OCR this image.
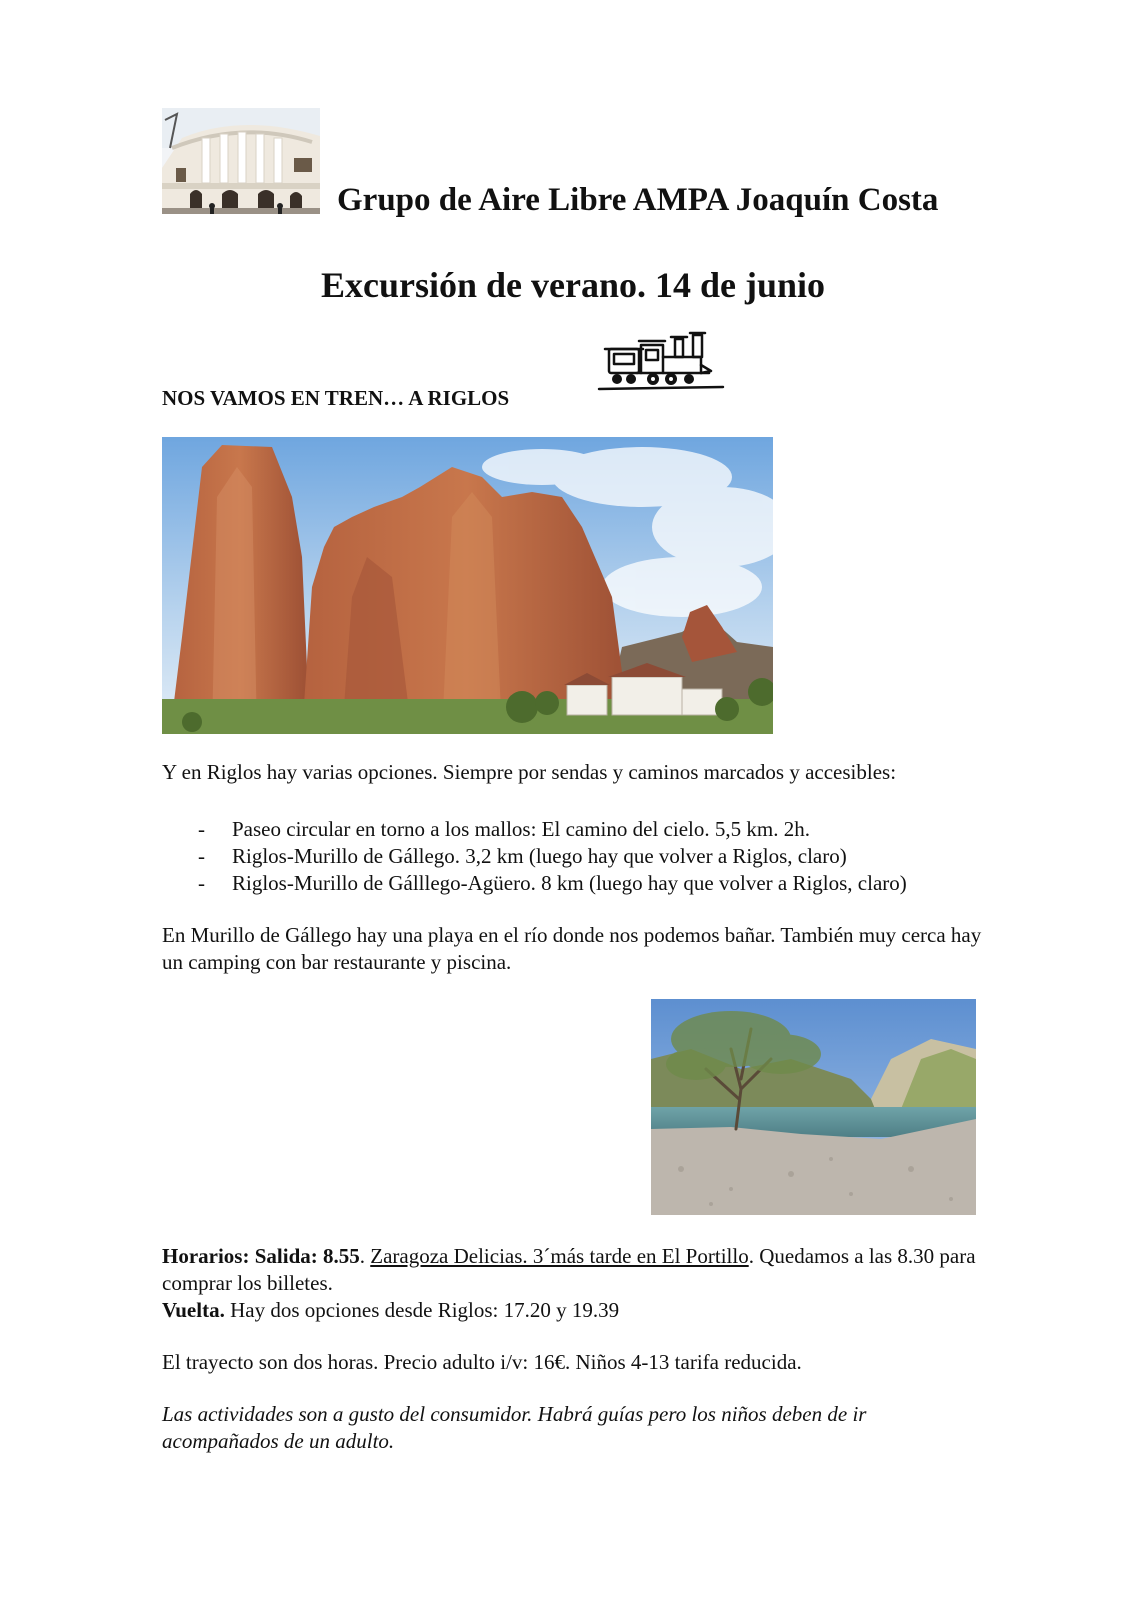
Grupo de Aire Libre AMPA Joaquín Costa
Excursión de verano. 14 de junio
NOS VAMOS EN TREN… A RIGLOS
Y en Riglos hay varias opciones. Siempre por sendas y caminos marcados y accesibles:
- Paseo circular en torno a los mallos: El camino del cielo. 5,5 km. 2h.
- Riglos-Murillo de Gállego. 3,2 km (luego hay que volver a Riglos, claro)
- Riglos-Murillo de Gálllego-Agüero. 8 km (luego hay que volver a Riglos, claro)
En Murillo de Gállego hay una playa en el río donde nos podemos bañar. También muy cerca hay un camping con bar restaurante y piscina.
Horarios: Salida: 8.55. Zaragoza Delicias. 3´más tarde en El Portillo. Quedamos a las 8.30 para comprar los billetes.
Vuelta. Hay dos opciones desde Riglos: 17.20 y 19.39
El trayecto son dos horas. Precio adulto i/v: 16€. Niños 4-13 tarifa reducida.
Las actividades son a gusto del consumidor. Habrá guías pero los niños deben de ir acompañados de un adulto.
